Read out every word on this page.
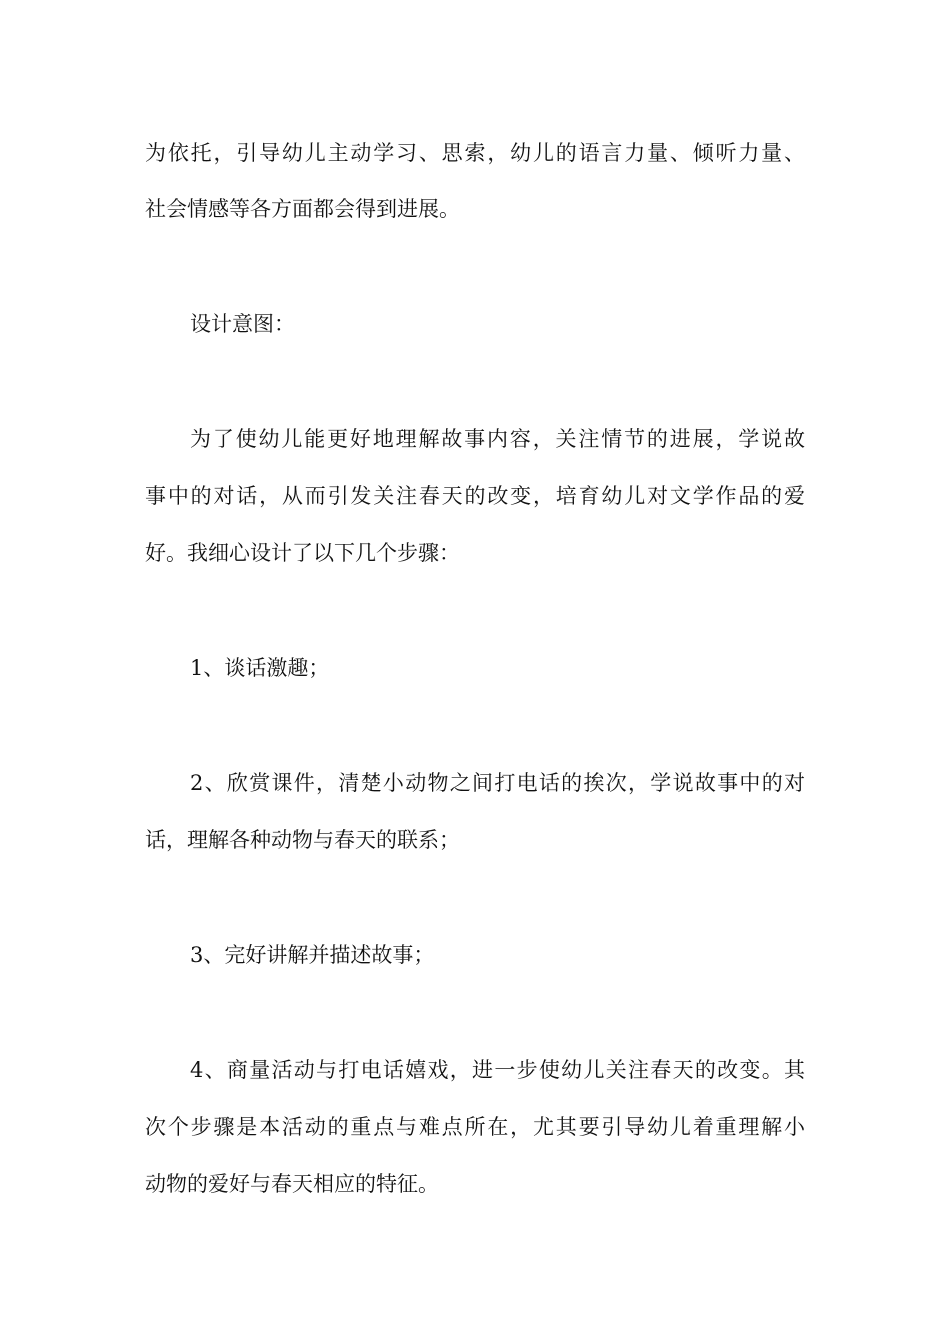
为依托，引导幼儿主动学习、思索，幼儿的语言力量、倾听力量、
社会情感等各方面都会得到进展。
设计意图：
为了使幼儿能更好地理解故事内容，关注情节的进展，学说故
事中的对话，从而引发关注春天的改变，培育幼儿对文学作品的爱
好。我细心设计了以下几个步骤：
1、谈话激趣；
2、欣赏课件，清楚小动物之间打电话的挨次，学说故事中的对
话，理解各种动物与春天的联系；
3、完好讲解并描述故事；
4、商量活动与打电话嬉戏，进一步使幼儿关注春天的改变。其
次个步骤是本活动的重点与难点所在，尤其要引导幼儿着重理解小
动物的爱好与春天相应的特征。
